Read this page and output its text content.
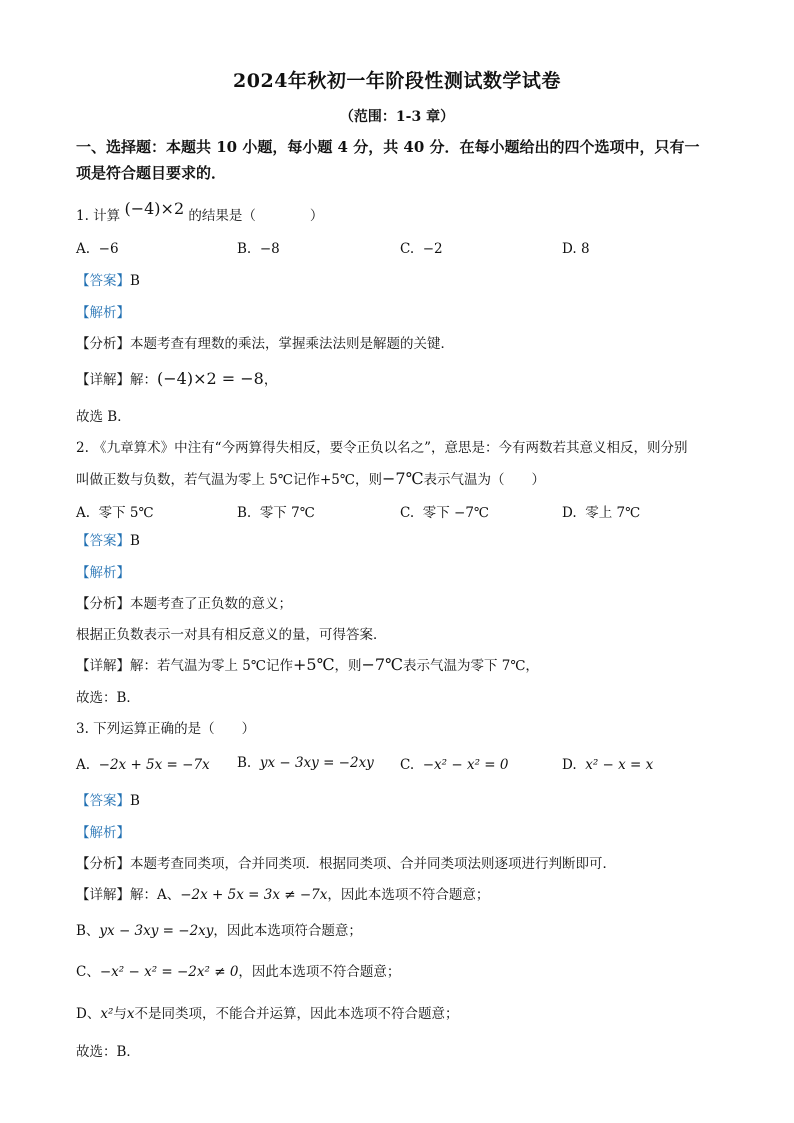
2024年秋初一年阶段性测试数学试卷
（范围：1-3 章）
一、选择题：本题共 10 小题，每小题 4 分，共 40 分．在每小题给出的四个选项中，只有一
项是符合题目要求的．
1. 计算 (−4)×2 的结果是（　　　　）
A. −6	B. −8	C. −2	D. 8
【答案】B
【解析】
【分析】本题考查有理数的乘法，掌握乘法法则是解题的关键．
【详解】解：(−4)×2 = −8，
故选 B．
2. 《九章算术》中注有“今两算得失相反，要令正负以名之”，意思是：今有两数若其意义相反，则分别
叫做正数与负数，若气温为零上 5℃记作+5℃，则−7℃表示气温为（　　）
A. 零下 5℃	B. 零下 7℃	C. 零下 −7℃	D. 零上 7℃
【答案】B
【解析】
【分析】本题考查了正负数的意义；
根据正负数表示一对具有相反意义的量，可得答案．
【详解】解：若气温为零上 5℃记作+5℃，则−7℃表示气温为零下 7℃，
故选：B．
3. 下列运算正确的是（　　）
A. −2x + 5x = −7x B. yx − 3xy = −2xy C. −x² − x² = 0	D. x² − x = x
【答案】B
【解析】
【分析】本题考查同类项，合并同类项．根据同类项、合并同类项法则逐项进行判断即可．
【详解】解：A、−2x + 5x = 3x ≠ −7x，因此本选项不符合题意；
B、yx − 3xy = −2xy，因此本选项符合题意；
C、−x² − x² = −2x² ≠ 0，因此本选项不符合题意；
D、x²与x不是同类项，不能合并运算，因此本选项不符合题意；
故选：B．
